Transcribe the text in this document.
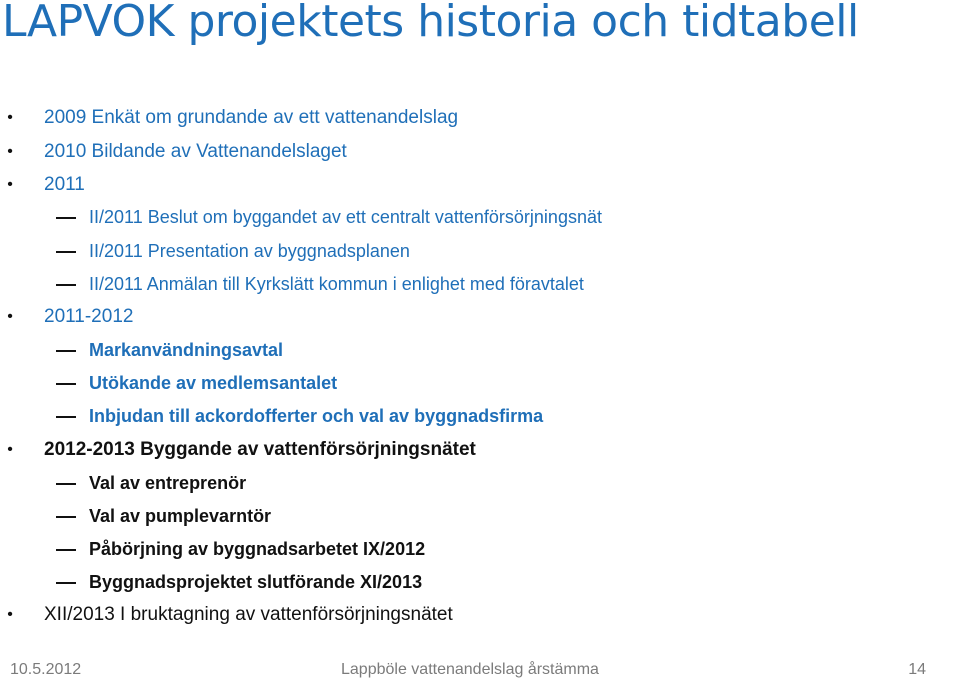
LAPVOK projektets historia och tidtabell
•	2009 Enkät om grundande av ett vattenandelslag
•	2010 Bildande av Vattenandelslaget
•	2011
II/2011 Beslut om byggandet av ett centralt vattenförsörjningsnät
II/2011 Presentation av byggnadsplanen
II/2011 Anmälan till Kyrkslätt kommun i enlighet med föravtalet
•	2011-2012
Markanvändningsavtal
Utökande av medlemsantalet
Inbjudan till ackordofferter och val av byggnadsfirma
•	2012-2013 Byggande av vattenförsörjningsnätet
Val av entreprenör
Val av pumplevarntör
Påbörjning av byggnadsarbetet IX/2012
Byggnadsprojektet slutförande XI/2013
•	XII/2013 I bruktagning av vattenförsörjningsnätet
10.5.2012	Lappböle vattenandelslag årstämma	14
